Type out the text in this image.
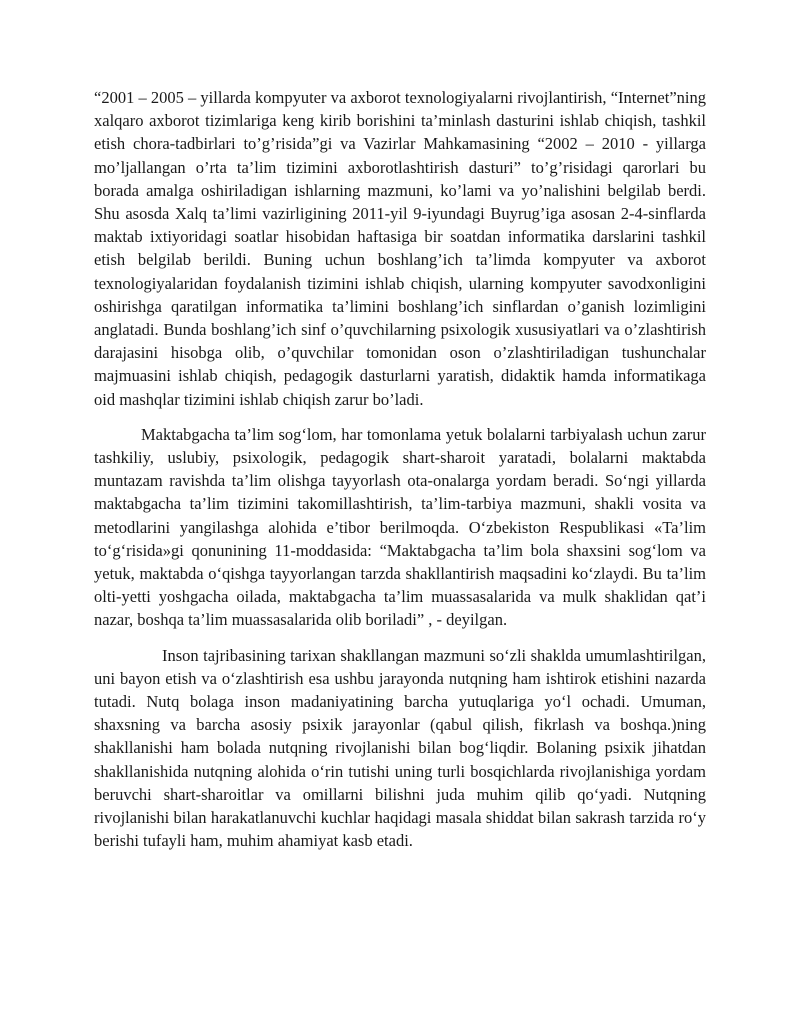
“2001 – 2005 – yillarda kompyuter va axborot texnologiyalarni rivojlantirish, “Internet”ning xalqaro axborot tizimlariga keng kirib borishini ta’minlash dasturini ishlab chiqish, tashkil etish chora-tadbirlari to’g’risida”gi va Vazirlar Mahkamasining “2002 – 2010 - yillarga mo’ljallangan o’rta ta’lim tizimini axborotlashtirish dasturi” to’g’risidagi qarorlari bu borada amalga oshiriladigan ishlarning mazmuni, ko’lami va yo’nalishini belgilab berdi. Shu asosda Xalq ta’limi vazirligining 2011-yil 9-iyundagi Buyrug’iga asosan 2-4-sinflarda maktab ixtiyoridagi soatlar hisobidan haftasiga bir soatdan informatika darslarini tashkil etish belgilab berildi. Buning uchun boshlang’ich ta’limda kompyuter va axborot texnologiyalaridan foydalanish tizimini ishlab chiqish, ularning kompyuter savodxonligini oshirishga qaratilgan informatika ta’limini boshlang’ich sinflardan o’ganish lozimligini anglatadi. Bunda boshlang’ich sinf o’quvchilarning psixologik xususiyatlari va o’zlashtirish darajasini hisobga olib, o’quvchilar tomonidan oson o’zlashtiriladigan tushunchalar majmuasini ishlab chiqish, pedagogik dasturlarni yaratish, didaktik hamda informatikaga oid mashqlar tizimini ishlab chiqish zarur bo’ladi.

Maktabgacha ta’lim sog‘lom, har tomonlama yetuk bolalarni tarbiyalash uchun zarur tashkiliy, uslubiy, psixologik, pedagogik shart-sharoit yaratadi, bolalarni maktabda muntazam ravishda ta’lim olishga tayyorlash ota-onalarga yordam beradi. So‘ngi yillarda maktabgacha ta’lim tizimini takomillashtirish, ta’lim-tarbiya mazmuni, shakli vosita va metodlarini yangilashga alohida e’tibor berilmoqda. O‘zbekiston Respublikasi «Ta’lim to‘g‘risida»gi qonunining 11-moddasida: “Maktabgacha ta’lim bola shaxsini sog‘lom va yetuk, maktabda o‘qishga tayyorlangan tarzda shakllantirish maqsadini ko‘zlaydi. Bu ta’lim olti-yetti yoshgacha oilada, maktabgacha ta’lim muassasalarida va mulk shaklidan qat’i nazar, boshqa ta’lim muassasalarida olib boriladi” , - deyilgan.

Inson tajribasining tarixan shakllangan mazmuni so‘zli shaklda umumlashtirilgan, uni bayon etish va o‘zlashtirish esa ushbu jarayonda nutqning ham ishtirok etishini nazarda tutadi. Nutq bolaga inson madaniyatining barcha yutuqlariga yo‘l ochadi. Umuman, shaxsning va barcha asosiy psixik jarayonlar (qabul qilish, fikrlash va boshqa.)ning shakllanishi ham bolada nutqning rivojlanishi bilan bog‘liqdir. Bolaning psixik jihatdan shakllanishida nutqning alohida o‘rin tutishi uning turli bosqichlarda rivojlanishiga yordam beruvchi shart-sharoitlar va omillarni bilishni juda muhim qilib qo‘yadi. Nutqning rivojlanishi bilan harakatlanuvchi kuchlar haqidagi masala shiddat bilan sakrash tarzida ro‘y berishi tufayli ham, muhim ahamiyat kasb etadi.
